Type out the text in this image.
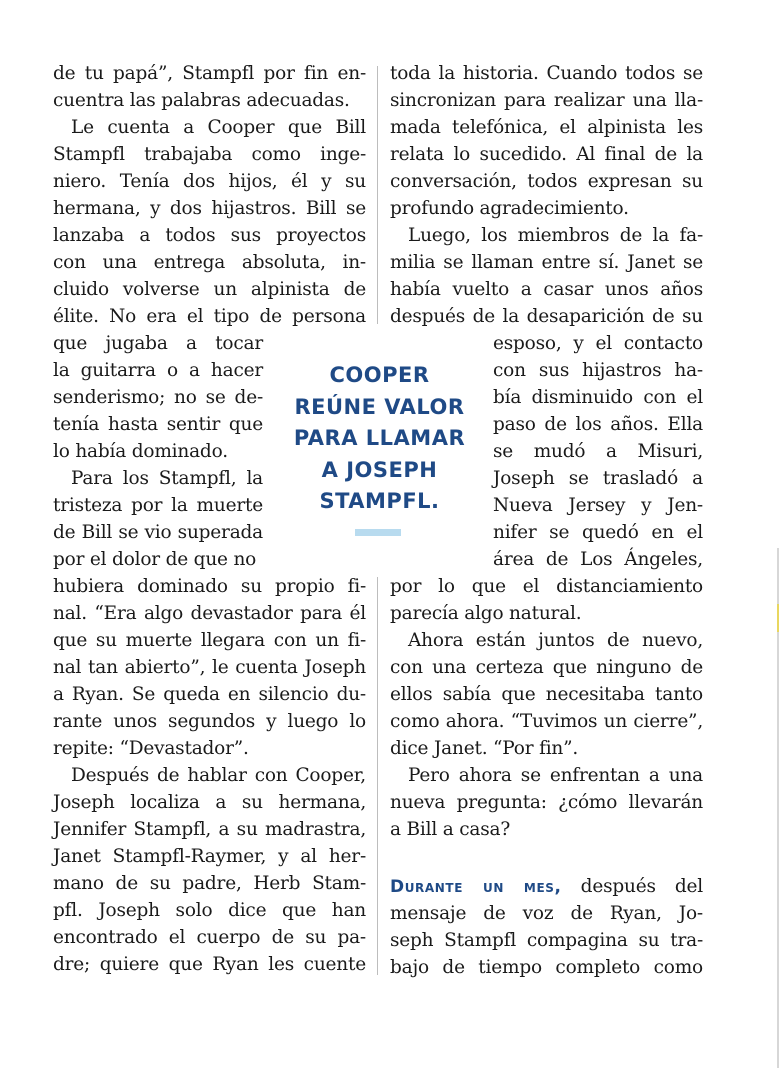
de tu papá”, Stampfl por fin en-
cuentra las palabras adecuadas.
Le cuenta a Cooper que Bill
Stampfl trabajaba como inge-
niero. Tenía dos hijos, él y su
hermana, y dos hijastros. Bill se
lanzaba a todos sus proyectos
con una entrega absoluta, in-
cluido volverse un alpinista de
élite. No era el tipo de persona
que jugaba a tocar
la guitarra o a hacer
senderismo; no se de-
tenía hasta sentir que
lo había dominado.
Para los Stampfl, la
tristeza por la muerte
de Bill se vio superada
por el dolor de que no
hubiera dominado su propio fi-
nal. “Era algo devastador para él
que su muerte llegara con un fi-
nal tan abierto”, le cuenta Joseph
a Ryan. Se queda en silencio du-
rante unos segundos y luego lo
repite: “Devastador”.
Después de hablar con Cooper,
Joseph localiza a su hermana,
Jennifer Stampfl, a su madrastra,
Janet Stampfl-Raymer, y al her-
mano de su padre, Herb Stam-
pfl. Joseph solo dice que han
encontrado el cuerpo de su pa-
dre; quiere que Ryan les cuente
COOPER
REÚNE VALOR
PARA LLAMAR
A JOSEPH
STAMPFL.
toda la historia. Cuando todos se
sincronizan para realizar una lla-
mada telefónica, el alpinista les
relata lo sucedido. Al final de la
conversación, todos expresan su
profundo agradecimiento.
Luego, los miembros de la fa-
milia se llaman entre sí. Janet se
había vuelto a casar unos años
después de la desaparición de su
esposo, y el contacto
con sus hijastros ha-
bía disminuido con el
paso de los años. Ella
se mudó a Misuri,
Joseph se trasladó a
Nueva Jersey y Jen-
nifer se quedó en el
área de Los Ángeles,
por lo que el distanciamiento
parecía algo natural.
Ahora están juntos de nuevo,
con una certeza que ninguno de
ellos sabía que necesitaba tanto
como ahora. “Tuvimos un cierre”,
dice Janet. “Por fin”.
Pero ahora se enfrentan a una
nueva pregunta: ¿cómo llevarán
a Bill a casa?
Durante un mes, después del
mensaje de voz de Ryan, Jo-
seph Stampfl compagina su tra-
bajo de tiempo completo como
